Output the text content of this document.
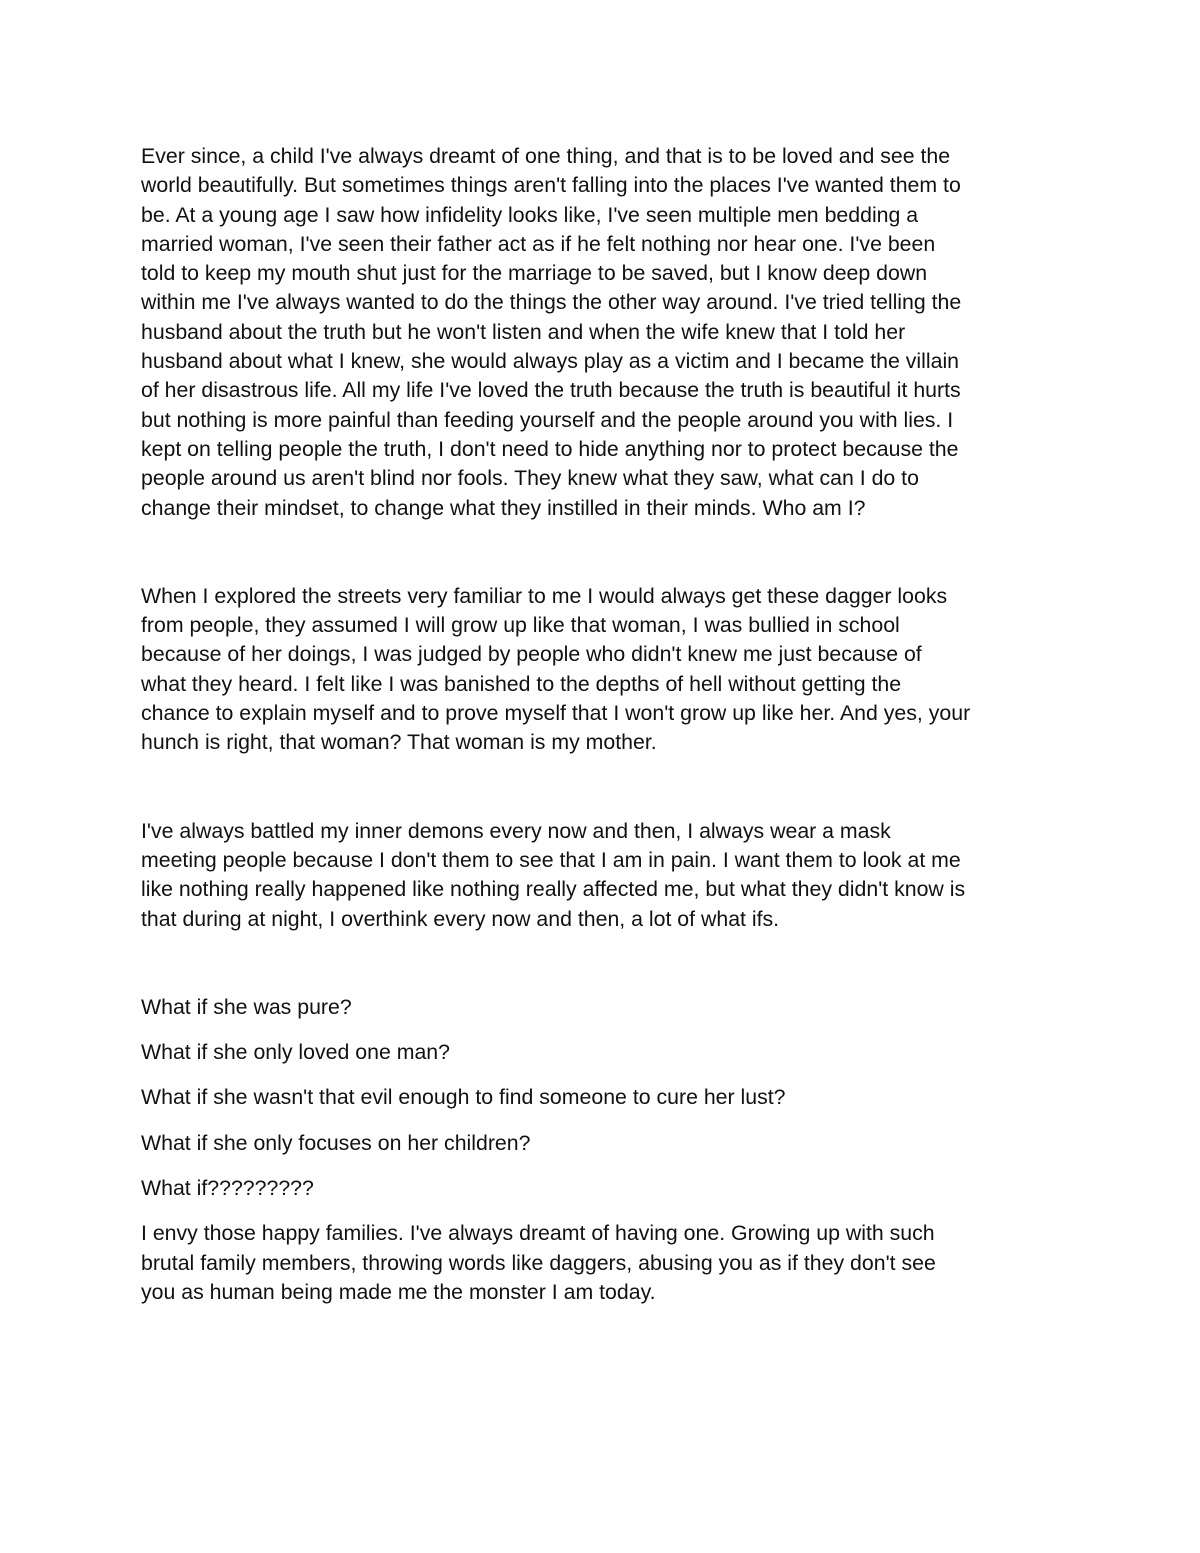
Ever since, a child I've always dreamt of one thing, and that is to be loved and see the
world beautifully. But sometimes things aren't falling into the places I've wanted them to
be. At a young age I saw how infidelity looks like, I've seen multiple men bedding a
married woman, I've seen their father act as if he felt nothing nor hear one. I've been
told to keep my mouth shut just for the marriage to be saved, but I know deep down
within me I've always wanted to do the things the other way around. I've tried telling the
husband about the truth but he won't listen and when the wife knew that I told her
husband about what I knew, she would always play as a victim and I became the villain
of her disastrous life. All my life I've loved the truth because the truth is beautiful it hurts
but nothing is more painful than feeding yourself and the people around you with lies. I
kept on telling people the truth, I don't need to hide anything nor to protect because the
people around us aren't blind nor fools. They knew what they saw, what can I do to
change their mindset, to change what they instilled in their minds. Who am I?

When I explored the streets very familiar to me I would always get these dagger looks
from people, they assumed I will grow up like that woman, I was bullied in school
because of her doings, I was judged by people who didn't knew me just because of
what they heard. I felt like I was banished to the depths of hell without getting the
chance to explain myself and to prove myself that I won't grow up like her. And yes, your
hunch is right, that woman? That woman is my mother.

I've always battled my inner demons every now and then, I always wear a mask
meeting people because I don't them to see that I am in pain. I want them to look at me
like nothing really happened like nothing really affected me, but what they didn't know is
that during at night, I overthink every now and then, a lot of what ifs.

What if she was pure?

What if she only loved one man?

What if she wasn't that evil enough to find someone to cure her lust?

What if she only focuses on her children?

What if?????????

I envy those happy families. I've always dreamt of having one. Growing up with such
brutal family members, throwing words like daggers, abusing you as if they don't see
you as human being made me the monster I am today.
